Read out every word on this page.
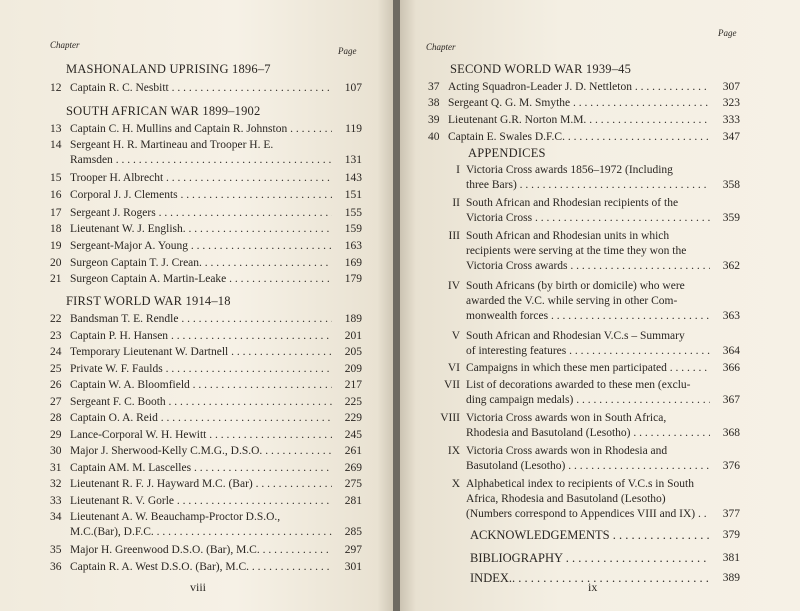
Chapter
Page
viii
MASHONALAND UPRISING 1896–7
12 Captain R. C. Nesbitt . . .	107
SOUTH AFRICAN WAR 1899–1902
13 Captain C. H. Mullins and Captain R. Johnston . . .	119
14 Sergeant H. R. Martineau and Trooper H. E.
Ramsden . . .	131
15 Trooper H. Albrecht . . .	143
16 Corporal J. J. Clements . . .	151
17 Sergeant J. Rogers . . .	155
18 Lieutenant W. J. English. . . .	159
19 Sergeant-Major A. Young . . .	163
20 Surgeon Captain T. J. Crean. . . .	169
21 Surgeon Captain A. Martin-Leake . . .	179
FIRST WORLD WAR 1914–18
22 Bandsman T. E. Rendle . . .	189
23 Captain P. H. Hansen . . .	201
24 Temporary Lieutenant W. Dartnell . . .	205
25 Private W. F. Faulds . . .	209
26 Captain W. A. Bloomfield . . .	217
27 Sergeant F. C. Booth . . .	225
28 Captain O. A. Reid . . . .	229
29 Lance-Corporal W. H. Hewitt . . .	245
30 Major J. Sherwood-Kelly C.M.G., D.S.O. . . .	261
31 Captain AM. M. Lascelles . . .	269
32 Lieutenant R. F. J. Hayward M.C. (Bar) . . .	275
33 Lieutenant R. V. Gorle . . .	281
34 Lieutenant A. W. Beauchamp-Proctor D.S.O.,
M.C.(Bar), D.F.C. . . .	285
35 Major H. Greenwood D.S.O. (Bar), M.C. . . .	297
36 Captain R. A. West D.S.O. (Bar), M.C. . . .	301
Chapter
Page
SECOND WORLD WAR 1939–45
APPENDICES
ix
37 Acting Squadron-Leader J. D. Nettleton . . .	307
38 Sergeant Q. G. M. Smythe . . .	323
39 Lieutenant G.R. Norton M.M. . . .	333
40 Captain E. Swales D.F.C. . . .	347
I Victoria Cross awards 1856–1972 (Including
three Bars) . . .	358
II South African and Rhodesian recipients of the
Victoria Cross . . .	359
III South African and Rhodesian units in which
recipients were serving at the time they won the
Victoria Cross awards . . .	362
IV South Africans (by birth or domicile) who were
awarded the V.C. while serving in other Com-
monwealth forces . . .	363
V South African and Rhodesian V.C.s – Summary
of interesting features . . .	364
VI Campaigns in which these men participated . . . .	366
VII List of decorations awarded to these men (exclu-
ding campaign medals) . . .	367
VIII Victoria Cross awards won in South Africa,
Rhodesia and Basutoland (Lesotho) . . .	368
IX Victoria Cross awards won in Rhodesia and
Basutoland (Lesotho) . . .	376
X Alphabetical index to recipients of V.C.s in South
Africa, Rhodesia and Basutoland (Lesotho)
(Numbers correspond to Appendices VIII and IX) . . .	377
ACKNOWLEDGEMENTS . . .	379
BIBLIOGRAPHY . . .	381
INDEX.. . . .	389
